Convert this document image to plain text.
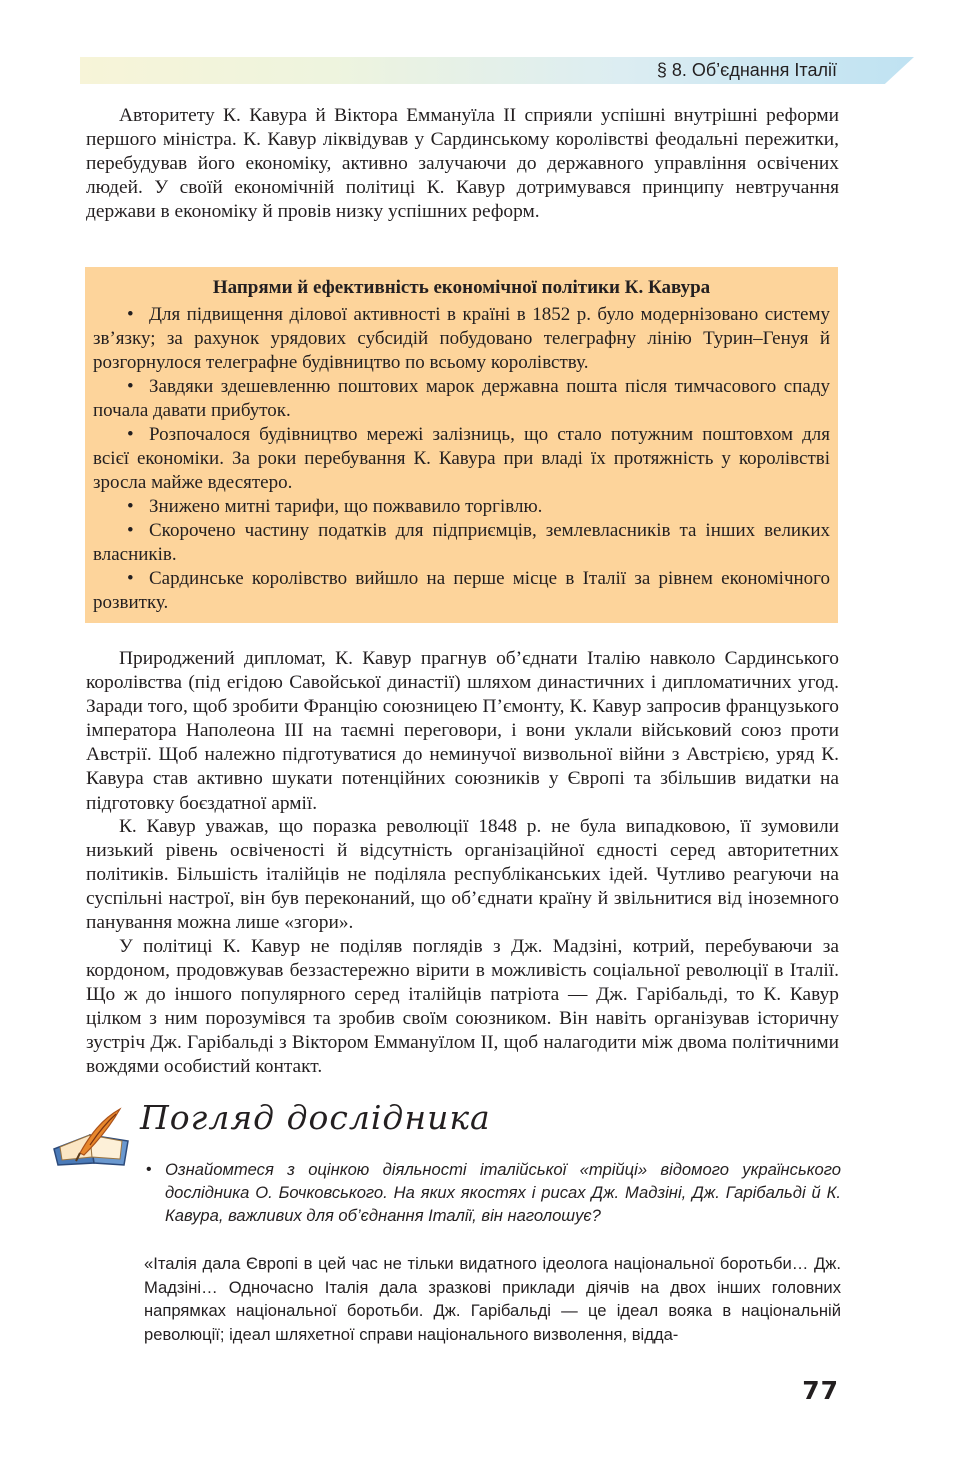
§ 8. Об’єднання Італії

Авторитету К. Кавура й Віктора Еммануїла ІІ сприяли успішні внутрішні реформи першого міністра. К. Кавур ліквідував у Сардинському королівстві феодальні пережитки, перебудував його економіку, активно залучаючи до державного управління освічених людей. У своїй економічній політиці К. Кавур дотримувався принципу невтручання держави в економіку й провів низку успішних реформ.

Напрями й ефективність економічної політики К. Кавура

• Для підвищення ділової активності в країні в 1852 р. було модернізовано систему зв’язку; за рахунок урядових субсидій побудовано телеграфну лінію Турин–Генуя й розгорнулося телеграфне будівництво по всьому королівству.

• Завдяки здешевленню поштових марок державна пошта після тимчасового спаду почала давати прибуток.

• Розпочалося будівництво мережі залізниць, що стало потужним поштовхом для всієї економіки. За роки перебування К. Кавура при владі їх протяжність у королівстві зросла майже вдесятеро.

• Знижено митні тарифи, що пожвавило торгівлю.

• Скорочено частину податків для підприємців, землевласників та інших великих власників.

• Сардинське королівство вийшло на перше місце в Італії за рівнем економічного розвитку.

Природжений дипломат, К. Кавур прагнув об’єднати Італію навколо Сардинського королівства (під егідою Савойської династії) шляхом династичних і дипломатичних угод. Заради того, щоб зробити Францію союзницею П’ємонту, К. Кавур запросив французького імператора Наполеона ІІІ на таємні переговори, і вони уклали військовий союз проти Австрії. Щоб належно підготуватися до неминучої визвольної війни з Австрією, уряд К. Кавура став активно шукати потенційних союзників у Європі та збільшив видатки на підготовку боєздатної армії.

К. Кавур уважав, що поразка революції 1848 р. не була випадковою, її зумовили низький рівень освіченості й відсутність організаційної єдності серед авторитетних політиків. Більшість італійців не поділяла республіканських ідей. Чутливо реагуючи на суспільні настрої, він був переконаний, що об’єднати країну й звільнитися від іноземного панування можна лише «згори».

У політиці К. Кавур не поділяв поглядів з Дж. Мадзіні, котрий, перебуваючи за кордоном, продовжував беззастережно вірити в можливість соціальної революції в Італії. Що ж до іншого популярного серед італійців патріота — Дж. Гарібальді, то К. Кавур цілком з ним порозумівся та зробив своїм союзником. Він навіть організував історичну зустріч Дж. Гарібальді з Віктором Еммануїлом ІІ, щоб налагодити між двома політичними вождями особистий контакт.

Погляд дослідника
• Ознайомтеся з оцінкою діяльності італійської «трійці» відомого українського дослідника О. Бочковського. На яких якостях і рисах Дж. Мадзіні, Дж. Гарібальді й К. Кавура, важливих для об’єднання Італії, він наголошує?

«Італія дала Європі в цей час не тільки видатного ідеолога національної боротьби… Дж. Мадзіні… Одночасно Італія дала зразкові приклади діячів на двох інших головних напрямках національної боротьби. Дж. Гарібальді — це ідеал вояка в національній революції; ідеал шляхетної справи національного визволення, відда-

77
